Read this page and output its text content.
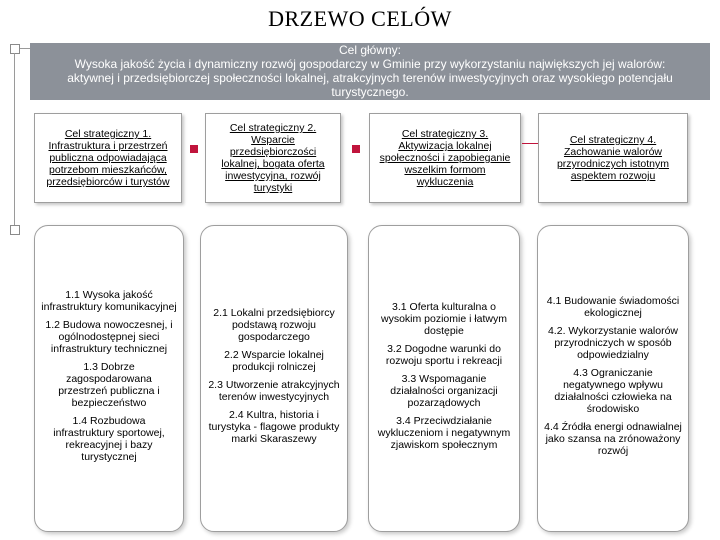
DRZEWO CELÓW
Cel główny:
Wysoka jakość życia i dynamiczny rozwój gospodarczy w Gminie przy wykorzystaniu największych jej walorów: aktywnej i przedsiębiorczej społeczności lokalnej, atrakcyjnych terenów inwestycyjnych oraz wysokiego potencjału turystycznego.
Cel strategiczny 1. Infrastruktura i przestrzeń publiczna odpowiadająca potrzebom mieszkańców, przedsiębiorców i turystów
Cel strategiczny 2. Wsparcie przedsiębiorczości lokalnej, bogata oferta inwestycyjna, rozwój turystyki
Cel strategiczny 3. Aktywizacja lokalnej społeczności i zapobieganie wszelkim formom wykluczenia
Cel strategiczny 4. Zachowanie walorów przyrodniczych istotnym aspektem rozwoju

1.1 Wysoka jakość infrastruktury komunikacyjnej

1.2 Budowa nowoczesnej, i ogólnodostępnej sieci infrastruktury technicznej

1.3 Dobrze zagospodarowana przestrzeń publiczna i bezpieczeństwo

1.4 Rozbudowa infrastruktury sportowej, rekreacyjnej i bazy turystycznej

2.1 Lokalni przedsiębiorcy podstawą rozwoju gospodarczego

2.2 Wsparcie lokalnej produkcji rolniczej

2.3 Utworzenie atrakcyjnych terenów inwestycyjnych

2.4 Kultra, historia i turystyka - flagowe produkty marki Skaraszewy

3.1 Oferta kulturalna o wysokim poziomie i łatwym dostępie

3.2 Dogodne warunki do rozwoju sportu i rekreacji

3.3 Wspomaganie działalności organizacji pozarządowych

3.4 Przeciwdziałanie wykluczeniom i negatywnym zjawiskom społecznym

4.1 Budowanie świadomości ekologicznej

4.2. Wykorzystanie walorów przyrodniczych w sposób odpowiedzialny

4.3 Ograniczanie negatywnego wpływu działalności człowieka na środowisko

4.4 Źródła energi odnawialnej jako szansa na zrónoważony rozwój
